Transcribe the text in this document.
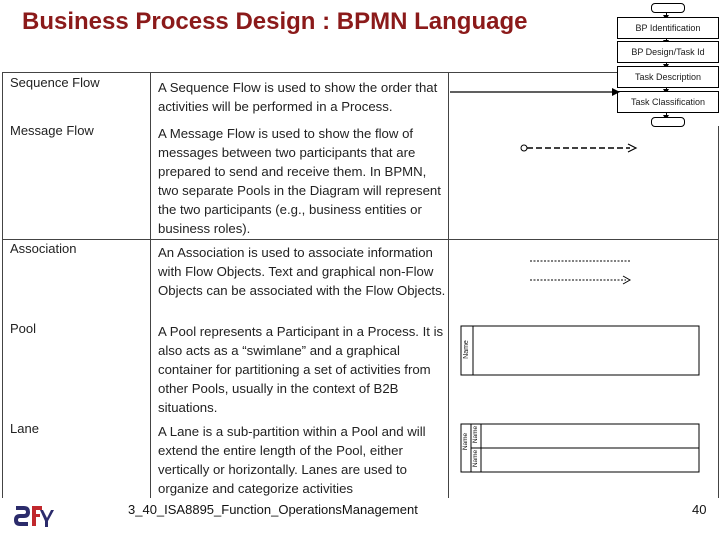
Business Process Design : BPMN Language	BP Identification
BP Design/Task Id
Task Description
Task Classification
Sequence Flow	A Sequence Flow is used to show the order that activities will be performed in a Process.
Message Flow	A Message Flow is used to show the flow of messages between two participants that are prepared to send and receive them. In BPMN, two separate Pools in the Diagram will represent the two participants (e.g., business entities or business roles).
Association	An Association is used to associate information with Flow Objects. Text and graphical non-Flow Objects can be associated with the Flow Objects.
Pool	A Pool represents a Participant in a Process. It is also acts as a “swimlane” and a graphical container for partitioning a set of activities from other Pools, usually in the context of B2B situations.
Lane	A Lane is a sub-partition within a Pool and will extend the entire length of the Pool, either vertically or horizontally. Lanes are used to organize and categorize activities
Name
Name Name
Name
3_40_ISA8895_Function_OperationsManagement	40
